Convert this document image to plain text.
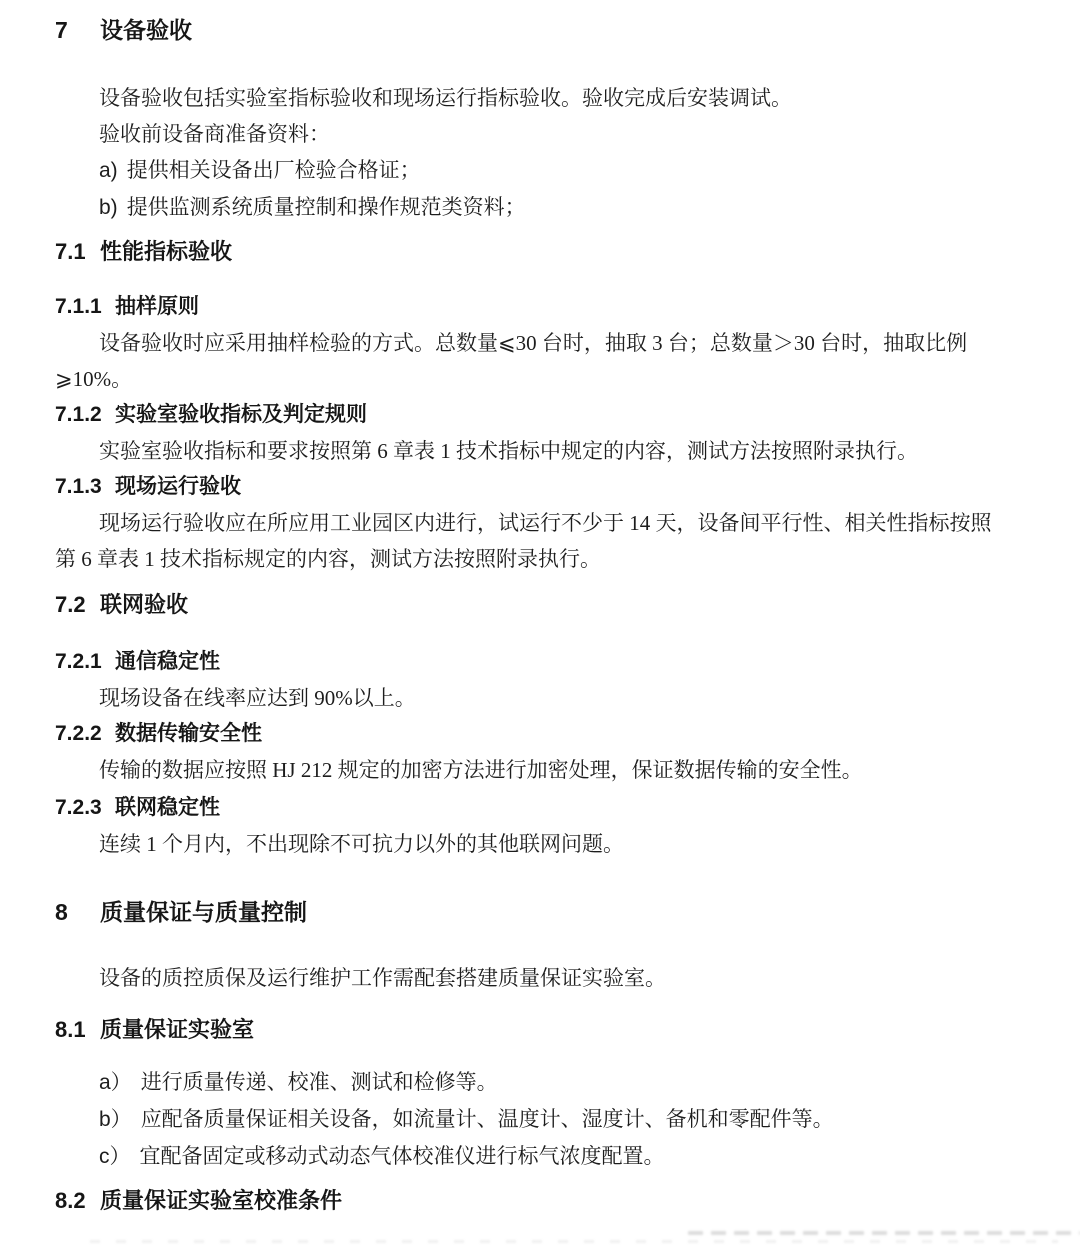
7 设备验收
设备验收包括实验室指标验收和现场运行指标验收。验收完成后安装调试。
验收前设备商准备资料：
a) 提供相关设备出厂检验合格证；
b) 提供监测系统质量控制和操作规范类资料；
7.1 性能指标验收
7.1.1 抽样原则
设备验收时应采用抽样检验的方式。总数量⩽30 台时，抽取 3 台；总数量＞30 台时，抽取比例
⩾10%。
7.1.2 实验室验收指标及判定规则
实验室验收指标和要求按照第 6 章表 1 技术指标中规定的内容，测试方法按照附录执行。
7.1.3 现场运行验收
现场运行验收应在所应用工业园区内进行，试运行不少于 14 天，设备间平行性、相关性指标按照
第 6 章表 1 技术指标规定的内容，测试方法按照附录执行。
7.2 联网验收
7.2.1 通信稳定性
现场设备在线率应达到 90%以上。
7.2.2 数据传输安全性
传输的数据应按照 HJ 212 规定的加密方法进行加密处理，保证数据传输的安全性。
7.2.3 联网稳定性
连续 1 个月内，不出现除不可抗力以外的其他联网问题。
8 质量保证与质量控制
设备的质控质保及运行维护工作需配套搭建质量保证实验室。
8.1 质量保证实验室
a） 进行质量传递、校准、测试和检修等。
b） 应配备质量保证相关设备，如流量计、温度计、湿度计、备机和零配件等。
c） 宜配备固定或移动式动态气体校准仪进行标气浓度配置。
8.2 质量保证实验室校准条件
